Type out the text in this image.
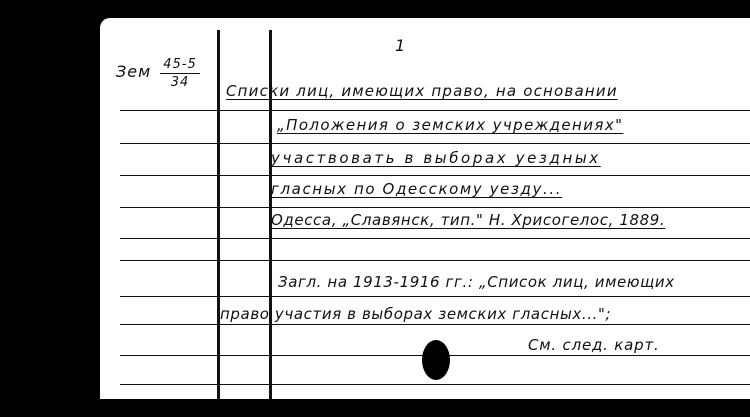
Зем $\frac{45-5}{34}$
1
Списки лиц, имеющих право, на основании
„Положения о земских учреждениях"
участвовать в выборах уездных
гласных по Одесскому уезду...
Одесса, „Славянск, тип." Н. Хрисогелос, 1889.
Загл. на 1913-1916 гг.: „Список лиц, имеющих
право участия в выборах земских гласных...";
См. след. карт.
